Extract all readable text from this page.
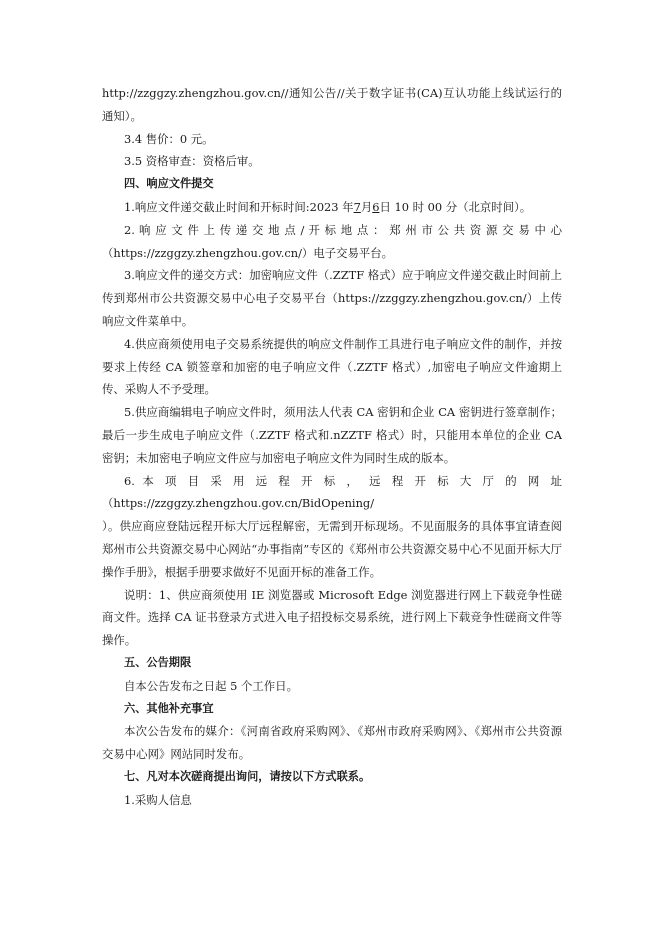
http://zzggzy.zhengzhou.gov.cn//通知公告//关于数字证书(CA)互认功能上线试运行的

通知）。

3.4 售价：0 元。

3.5 资格审查：资格后审。

四、响应文件提交

1.响应文件递交截止时间和开标时间:2023 年7月6日 10 时 00 分（北京时间）。

2. 响 应 文 件 上 传 递 交 地 点 / 开 标 地 点 ： 郑 州 市 公 共 资 源 交 易 中 心

（https://zzggzy.zhengzhou.gov.cn/）电子交易平台。

3.响应文件的递交方式：加密响应文件（.ZZTF 格式）应于响应文件递交截止时间前上传到郑州市公共资源交易中心电子交易平台（https://zzggzy.zhengzhou.gov.cn/）上传响应文件菜单中。

4.供应商须使用电子交易系统提供的响应文件制作工具进行电子响应文件的制作，并按要求上传经 CA 锁签章和加密的电子响应文件（.ZZTF 格式）,加密电子响应文件逾期上传、采购人不予受理。

5.供应商编辑电子响应文件时，须用法人代表 CA 密钥和企业 CA 密钥进行签章制作；最后一步生成电子响应文件（.ZZTF 格式和.nZZTF 格式）时，只能用本单位的企业 CA 密钥；未加密电子响应文件应与加密电子响应文件为同时生成的版本。

6. 本 项 目 采 用 远 程 开 标 ， 远 程 开 标 大 厅 的 网 址

（https://zzggzy.zhengzhou.gov.cn/BidOpening/

）。供应商应登陆远程开标大厅远程解密，无需到开标现场。不见面服务的具体事宜请查阅郑州市公共资源交易中心网站“办事指南”专区的《郑州市公共资源交易中心不见面开标大厅操作手册》，根据手册要求做好不见面开标的准备工作。

说明：1、供应商须使用 IE 浏览器或 Microsoft Edge 浏览器进行网上下载竞争性磋商文件。选择 CA 证书登录方式进入电子招投标交易系统，进行网上下载竞争性磋商文件等操作。

五、公告期限

自本公告发布之日起 5 个工作日。

六、其他补充事宜

本次公告发布的媒介：《河南省政府采购网》、《郑州市政府采购网》、《郑州市公共资源交易中心网》网站同时发布。

七、凡对本次磋商提出询问，请按以下方式联系。

1.采购人信息
